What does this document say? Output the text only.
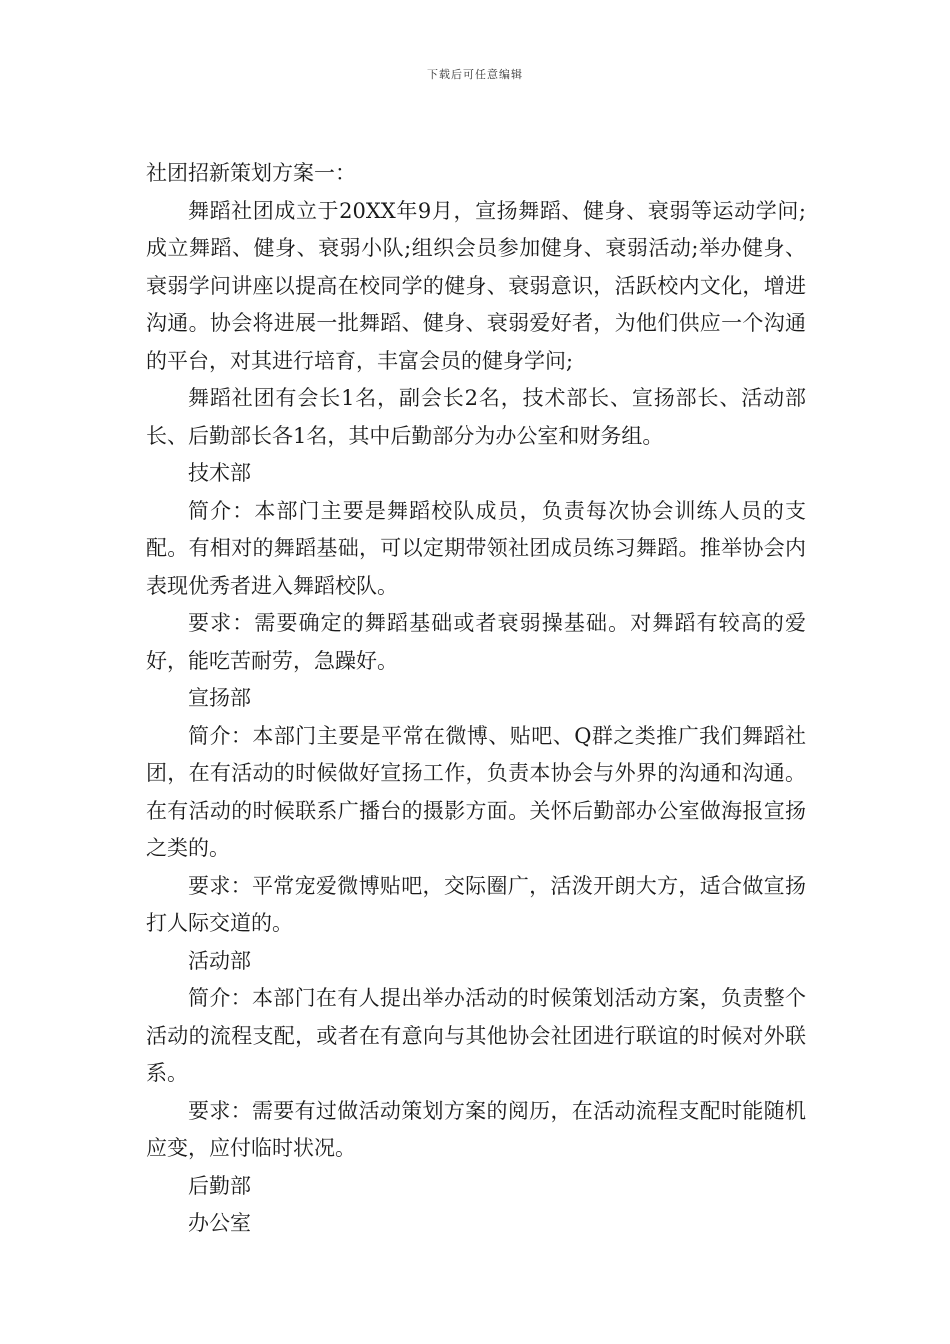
下载后可任意编辑

社团招新策划方案一：

舞蹈社团成立于20XX年9月，宣扬舞蹈、健身、衰弱等运动学问;成立舞蹈、健身、衰弱小队;组织会员参加健身、衰弱活动;举办健身、衰弱学问讲座以提高在校同学的健身、衰弱意识，活跃校内文化，增进沟通。协会将进展一批舞蹈、健身、衰弱爱好者，为他们供应一个沟通的平台，对其进行培育，丰富会员的健身学问;

舞蹈社团有会长1名，副会长2名，技术部长、宣扬部长、活动部长、后勤部长各1名，其中后勤部分为办公室和财务组。

技术部

简介：本部门主要是舞蹈校队成员，负责每次协会训练人员的支配。有相对的舞蹈基础，可以定期带领社团成员练习舞蹈。推举协会内表现优秀者进入舞蹈校队。

要求：需要确定的舞蹈基础或者衰弱操基础。对舞蹈有较高的爱好，能吃苦耐劳，急躁好。

宣扬部

简介：本部门主要是平常在微博、贴吧、Q群之类推广我们舞蹈社团，在有活动的时候做好宣扬工作，负责本协会与外界的沟通和沟通。在有活动的时候联系广播台的摄影方面。关怀后勤部办公室做海报宣扬之类的。

要求：平常宠爱微博贴吧，交际圈广，活泼开朗大方，适合做宣扬打人际交道的。

活动部

简介：本部门在有人提出举办活动的时候策划活动方案，负责整个活动的流程支配，或者在有意向与其他协会社团进行联谊的时候对外联系。

要求：需要有过做活动策划方案的阅历，在活动流程支配时能随机应变，应付临时状况。

后勤部

办公室
